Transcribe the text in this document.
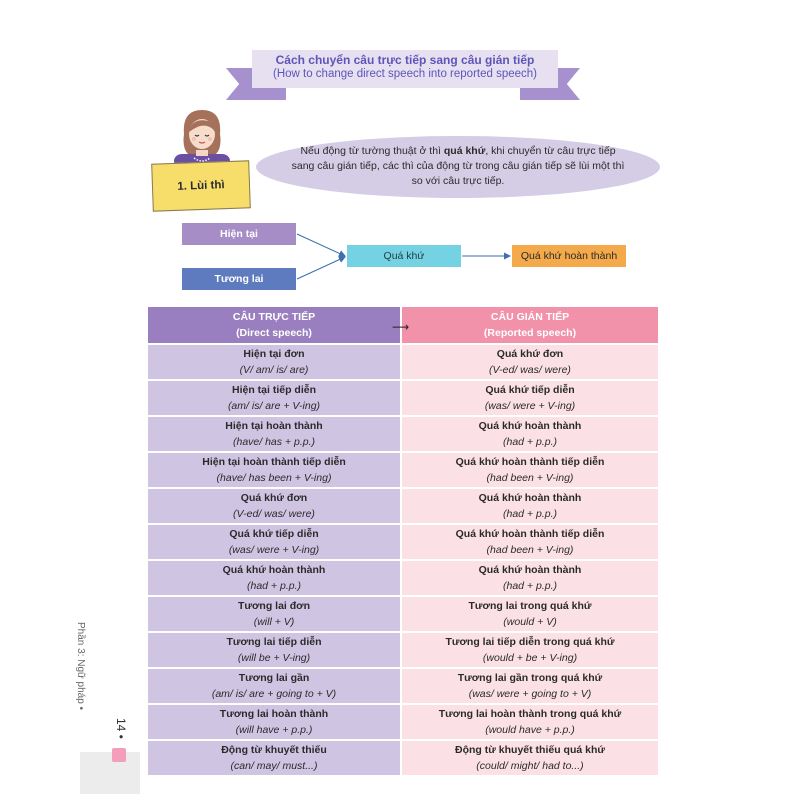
Cách chuyển câu trực tiếp sang câu gián tiếp
(How to change direct speech into reported speech)
1. Lùi thì
Nếu động từ tường thuật ở thì quá khứ, khi chuyển từ câu trực tiếp sang câu gián tiếp, các thì của động từ trong câu gián tiếp sẽ lùi một thì so với câu trực tiếp.
Hiện tại
Tương lai
Quá khứ	Quá khứ hoàn thành
CÂU TRỰC TIẾP
(Direct speech)
CÂU GIÁN TIẾP
(Reported speech)
⟶
Hiện tại đơn
(V/ am/ is/ are)
Quá khứ đơn
(V-ed/ was/ were)
Hiện tại tiếp diễn
(am/ is/ are + V-ing)
Quá khứ tiếp diễn
(was/ were + V-ing)
Hiện tại hoàn thành
(have/ has + p.p.)
Quá khứ hoàn thành
(had + p.p.)
Hiện tại hoàn thành tiếp diễn
(have/ has been + V-ing)
Quá khứ hoàn thành tiếp diễn
(had been + V-ing)
Quá khứ đơn
(V-ed/ was/ were)
Quá khứ hoàn thành
(had + p.p.)
Quá khứ tiếp diễn
(was/ were + V-ing)
Quá khứ hoàn thành tiếp diễn
(had been + V-ing)
Quá khứ hoàn thành
(had + p.p.)
Quá khứ hoàn thành
(had + p.p.)
Tương lai đơn
(will + V)
Tương lai trong quá khứ
(would + V)
Tương lai tiếp diễn
(will be + V-ing)
Tương lai tiếp diễn trong quá khứ
(would + be + V-ing)
Tương lai gần
(am/ is/ are + going to + V)
Tương lai gần trong quá khứ
(was/ were + going to + V)
Tương lai hoàn thành
(will have + p.p.)
Tương lai hoàn thành trong quá khứ
(would have + p.p.)
Động từ khuyết thiếu
(can/ may/ must...)
Động từ khuyết thiếu quá khứ
(could/ might/ had to...)
Phần 3: Ngữ pháp •
14 •
